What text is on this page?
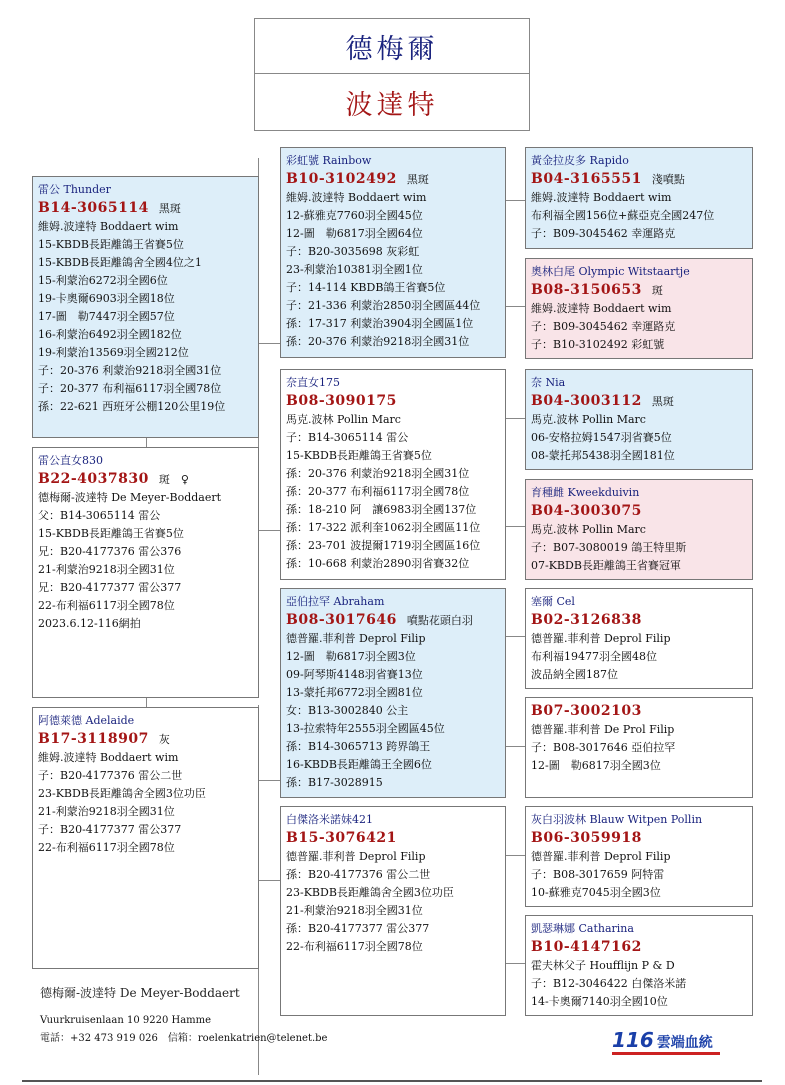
德梅爾
波達特
雷公 Thunder
B14-3065114 黑斑
維姆.波達特 Boddaert wim
15-KBDB長距離鴿王省賽5位
15-KBDB長距離鴿舍全國4位之1
15-利蒙治6272羽全國6位
19-卡奧爾6903羽全國18位
17-圖　勒7447羽全國57位
16-利蒙治6492羽全國182位
19-利蒙治13569羽全國212位
子：20-376 利蒙治9218羽全國31位
子：20-377 布利福6117羽全國78位
孫：22-621 西班牙公棚120公里19位
雷公直女830
B22-4037830 斑　♀
德梅爾-波達特 De Meyer-Boddaert
父：B14-3065114 雷公
15-KBDB長距離鴿王省賽5位
兄：B20-4177376 雷公376
21-利蒙治9218羽全國31位
兄：B20-4177377 雷公377
22-布利福6117羽全國78位
2023.6.12-116網拍
阿德萊德 Adelaide
B17-3118907 灰
維姆.波達特 Boddaert wim
子：B20-4177376 雷公二世
23-KBDB長距離鴿舍全國3位功臣
21-利蒙治9218羽全國31位
子：B20-4177377 雷公377
22-布利福6117羽全國78位
彩虹號 Rainbow
B10-3102492 黑斑
維姆.波達特 Boddaert wim
12-蘇雅克7760羽全國45位
12-圖　勒6817羽全國64位
子：B20-3035698 灰彩虹
23-利蒙治10381羽全國1位
子：14-114 KBDB鴿王省賽5位
子：21-336 利蒙治2850羽全國區44位
孫：17-317 利蒙治3904羽全國區1位
孫：20-376 利蒙治9218羽全國31位
奈直女175
B08-3090175
馬克.波林 Pollin Marc
子：B14-3065114 雷公
15-KBDB長距離鴿王省賽5位
孫：20-376 利蒙治9218羽全國31位
孫：20-377 布利福6117羽全國78位
孫：18-210 阿　讓6983羽全國137位
孫：17-322 派利奎1062羽全國區11位
孫：23-701 波提爾1719羽全國區16位
孫：10-668 利蒙治2890羽省賽32位
亞伯拉罕 Abraham
B08-3017646 噴點花頭白羽
德普羅.菲利普 Deprol Filip
12-圖　勒6817羽全國3位
09-阿琴斯4148羽省賽13位
13-蒙托邦6772羽全國81位
女：B13-3002840 公主
13-拉索特年2555羽全國區45位
孫：B14-3065713 跨界鴿王
16-KBDB長距離鴿王全國6位
孫：B17-3028915
白傑洛米諾妹421
B15-3076421
德普羅.菲利普 Deprol Filip
孫：B20-4177376 雷公二世
23-KBDB長距離鴿舍全國3位功臣
21-利蒙治9218羽全國31位
孫：B20-4177377 雷公377
22-布利福6117羽全國78位
黃金拉皮多 Rapido
B04-3165551 淺噴點
維姆.波達特 Boddaert wim
布利福全國156位+蘇亞克全國247位
子：B09-3045462 幸運路克
奧林白尾 Olympic Witstaartje
B08-3150653 斑
維姆.波達特 Boddaert wim
子：B09-3045462 幸運路克
子：B10-3102492 彩虹號
奈 Nia
B04-3003112 黑斑
馬克.波林 Pollin Marc
06-安格拉姆1547羽省賽5位
08-蒙托邦5438羽全國181位
育種雌 Kweekduivin
B04-3003075
馬克.波林 Pollin Marc
子：B07-3080019 鴿王特里斯
07-KBDB長距離鴿王省賽冠軍
塞爾 Cel
B02-3126838
德普羅.菲利普 Deprol Filip
布利福19477羽全國48位
波品納全國187位
B07-3002103
德普羅.菲利普 De Prol Filip
子：B08-3017646 亞伯拉罕
12-圖　勒6817羽全國3位
灰白羽波林 Blauw Witpen Pollin
B06-3059918
德普羅.菲利普 Deprol Filip
子：B08-3017659 阿特雷
10-蘇雅克7045羽全國3位
凱瑟琳娜 Catharina
B10-4147162
霍夫林父子 Houfflijn P & D
子：B12-3046422 白傑洛米諾
14-卡奧爾7140羽全國10位
德梅爾-波達特 De Meyer-Boddaert
Vuurkruisenlaan 10 9220 Hamme
電話：+32 473 919 026　信箱：roelenkatrien@telenet.be	116 雲端血統
